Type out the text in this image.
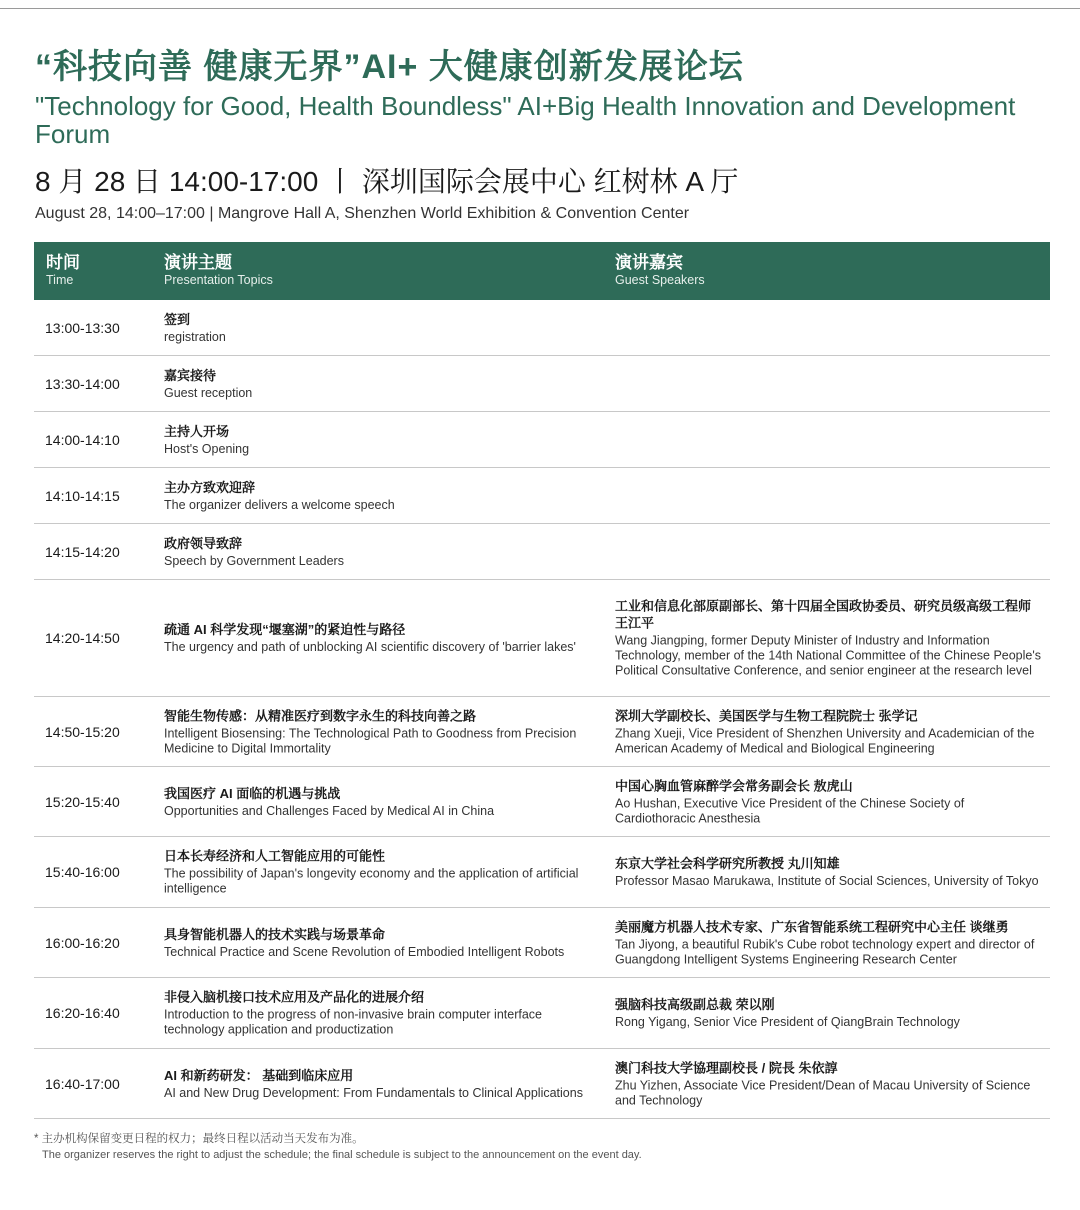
“科技向善 健康无界”AI+ 大健康创新发展论坛
"Technology for Good, Health Boundless" AI+Big Health Innovation and Development Forum
8 月 28 日 14:00-17:00 丨 深圳国际会展中心 红树林 A 厅
August 28, 14:00–17:00 | Mangrove Hall A, Shenzhen World Exhibition & Convention Center
时间
Time
演讲主题
Presentation Topics
演讲嘉宾
Guest Speakers
13:00-13:30
签到
registration
13:30-14:00
嘉宾接待
Guest reception
14:00-14:10
主持人开场
Host's Opening
14:10-14:15
主办方致欢迎辞
The organizer delivers a welcome speech
14:15-14:20
政府领导致辞
Speech by Government Leaders
14:20-14:50
疏通 AI 科学发现“堰塞湖”的紧迫性与路径
The urgency and path of unblocking AI scientific discovery of 'barrier lakes'
工业和信息化部原副部长、第十四届全国政协委员、研究员级高级工程师 王江平
Wang Jiangping, former Deputy Minister of Industry and Information Technology, member of the 14th National Committee of the Chinese People's Political Consultative Conference, and senior engineer at the research level
14:50-15:20
智能生物传感：从精准医疗到数字永生的科技向善之路
Intelligent Biosensing: The Technological Path to Goodness from Precision Medicine to Digital Immortality
深圳大学副校长、美国医学与生物工程院院士 张学记
Zhang Xueji, Vice President of Shenzhen University and Academician of the American Academy of Medical and Biological Engineering
15:20-15:40
我国医疗 AI 面临的机遇与挑战
Opportunities and Challenges Faced by Medical AI in China
中国心胸血管麻醉学会常务副会长 敖虎山
Ao Hushan, Executive Vice President of the Chinese Society of Cardiothoracic Anesthesia
15:40-16:00
日本长寿经济和人工智能应用的可能性
The possibility of Japan's longevity economy and the application of artificial intelligence
东京大学社会科学研究所教授 丸川知雄
Professor Masao Marukawa, Institute of Social Sciences, University of Tokyo
16:00-16:20
具身智能机器人的技术实践与场景革命
Technical Practice and Scene Revolution of Embodied Intelligent Robots
美丽魔方机器人技术专家、广东省智能系统工程研究中心主任 谈继勇
Tan Jiyong, a beautiful Rubik's Cube robot technology expert and director of Guangdong Intelligent Systems Engineering Research Center
16:20-16:40
非侵入脑机接口技术应用及产品化的进展介绍
Introduction to the progress of non-invasive brain computer interface technology application and productization
强脑科技高级副总裁 荣以刚
Rong Yigang, Senior Vice President of QiangBrain Technology
16:40-17:00
AI 和新药研发： 基础到临床应用
AI and New Drug Development: From Fundamentals to Clinical Applications
澳门科技大学協理副校長 / 院長 朱依諄
Zhu Yizhen, Associate Vice President/Dean of Macau University of Science and Technology
* 主办机构保留变更日程的权力；最终日程以活动当天发布为准。
The organizer reserves the right to adjust the schedule; the final schedule is subject to the announcement on the event day.
